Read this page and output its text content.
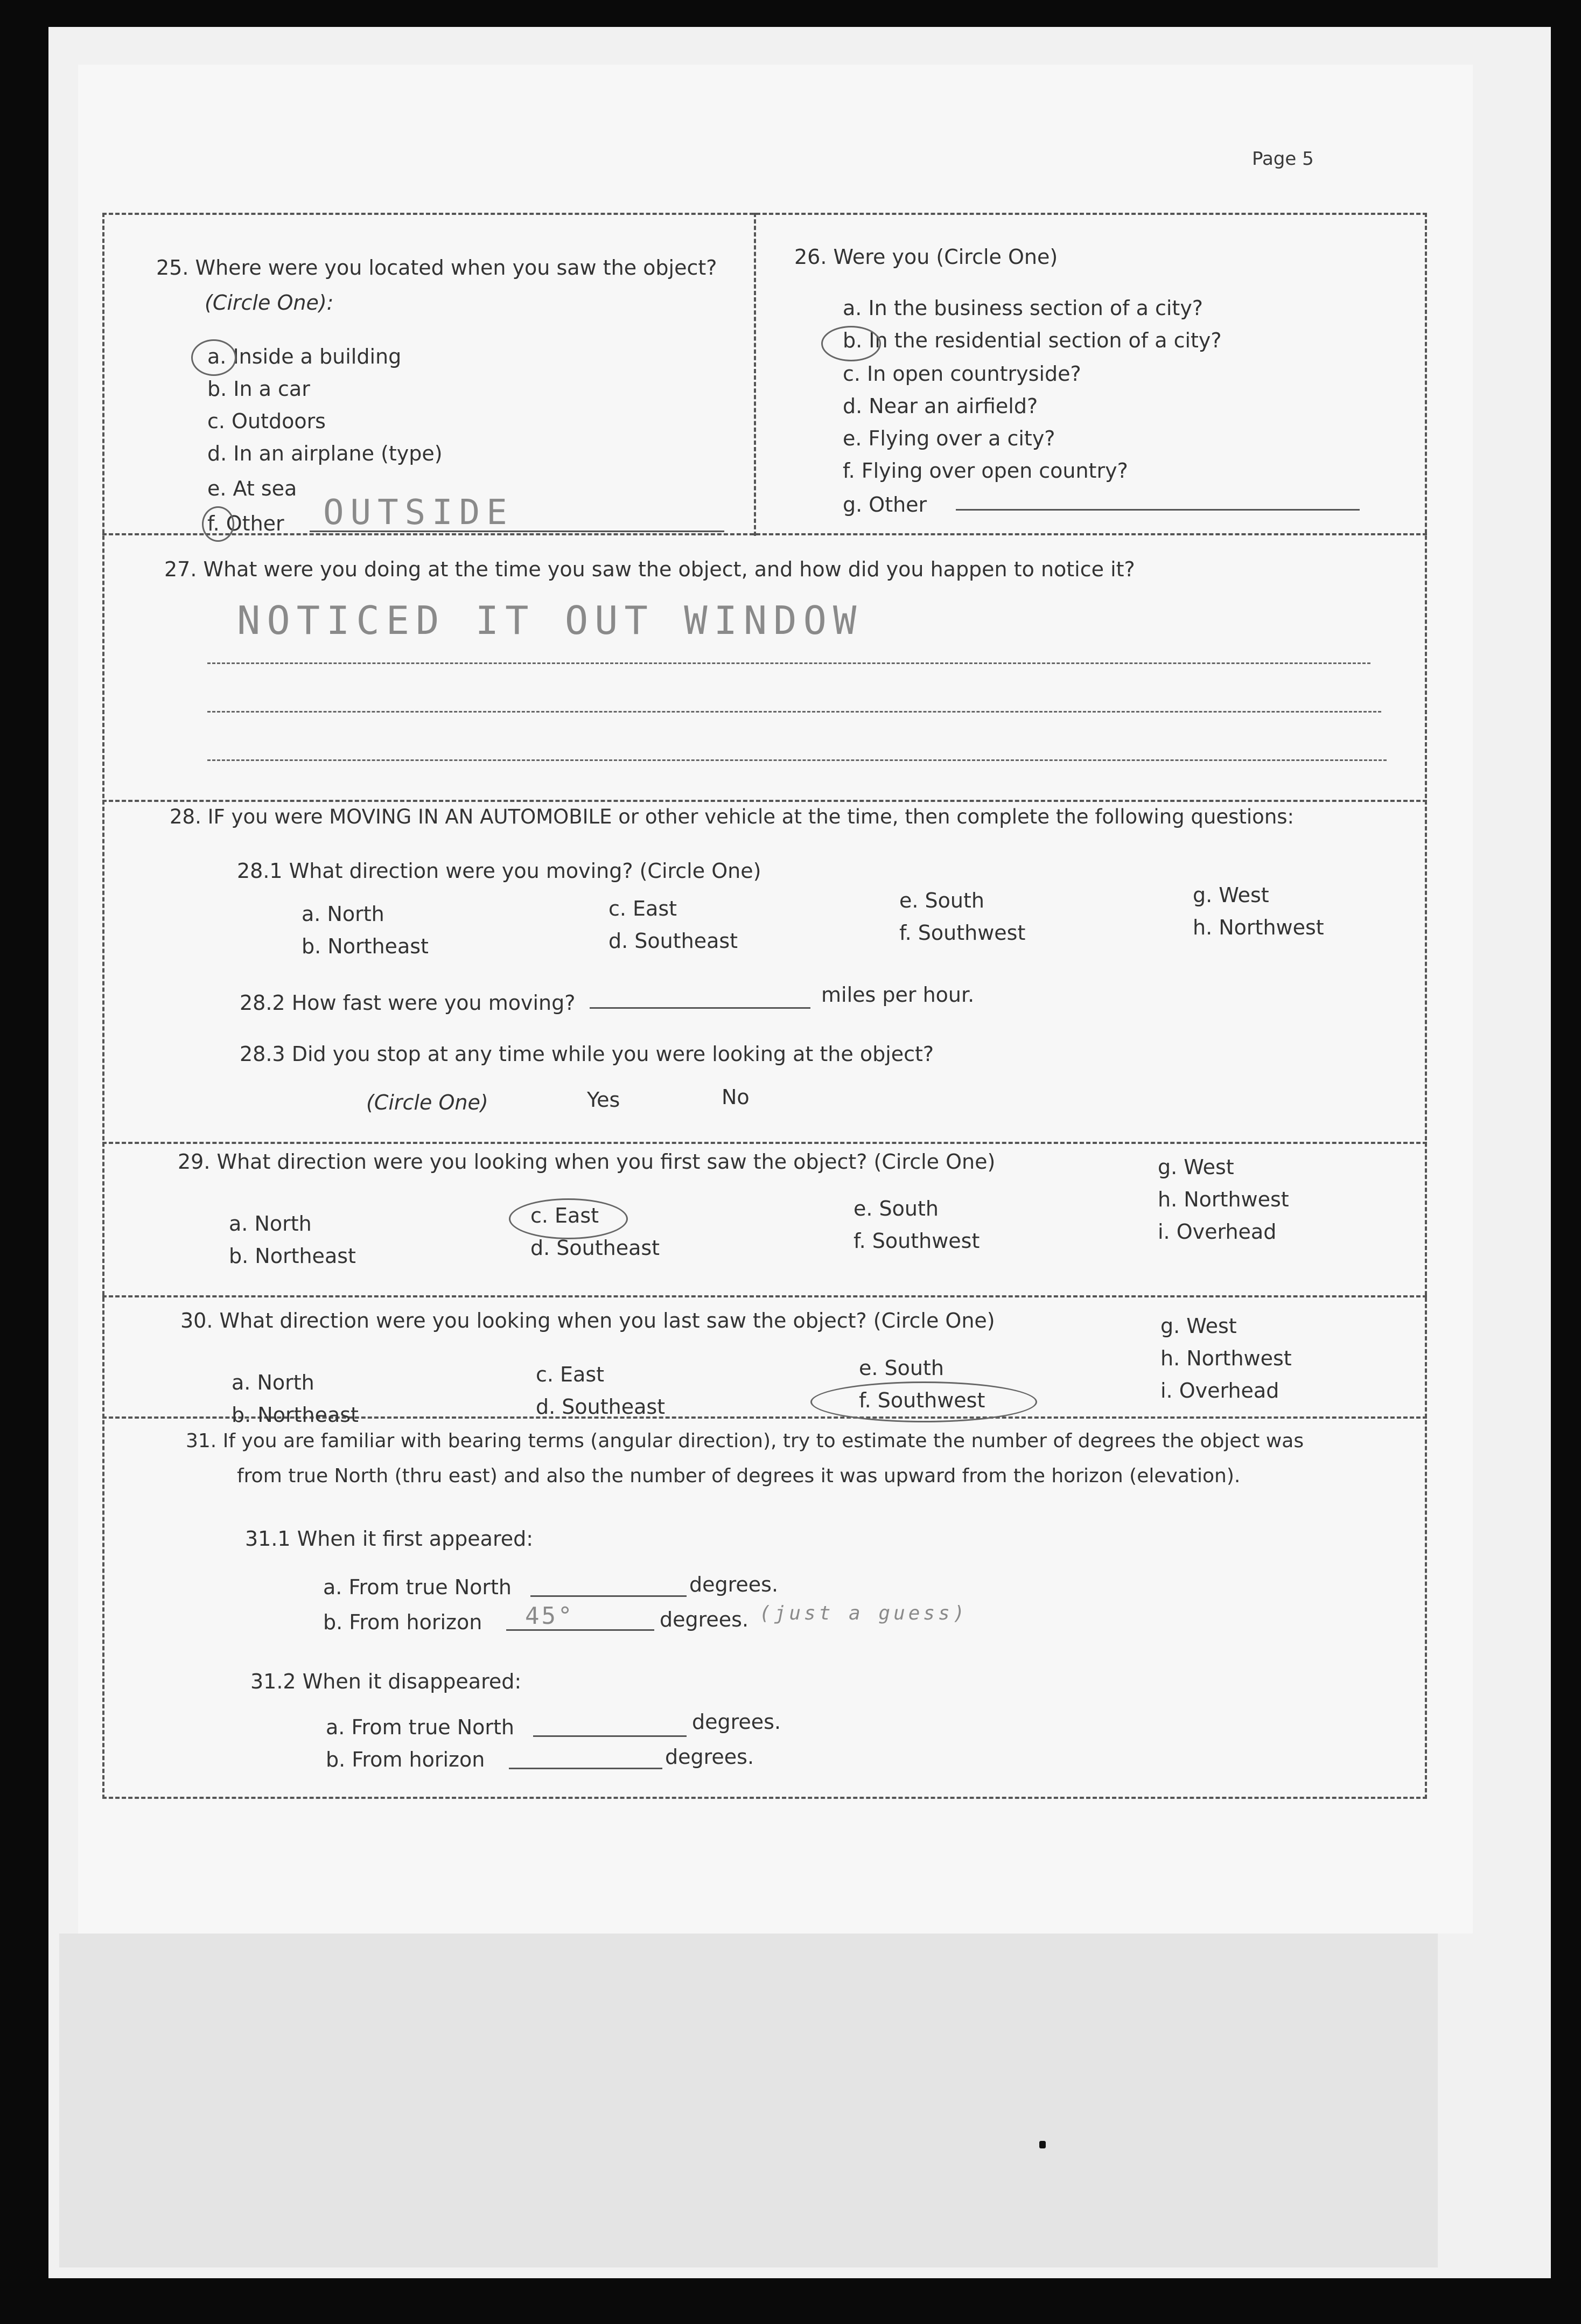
Page 5
25. Where were you located when you saw the object?
(Circle One):
a. Inside a building
b. In a car
c. Outdoors
d. In an airplane (type)
e. At sea
f. Other OUTSIDE
26. Were you (Circle One)
a. In the business section of a city?
b. In the residential section of a city?
c. In open countryside?
d. Near an airfield?
e. Flying over a city?
f. Flying over open country?
g. Other
27. What were you doing at the time you saw the object, and how did you happen to notice it?
NOTICED IT OUT WINDOW
28. IF you were MOVING IN AN AUTOMOBILE or other vehicle at the time, then complete the following questions:
28.1 What direction were you moving? (Circle One)
a. North
b. Northeast
c. East
d. Southeast
e. South
f. Southwest
g. West
h. Northwest
28.2 How fast were you moving?	miles per hour.
28.3 Did you stop at any time while you were looking at the object?
(Circle One)	Yes	No
29. What direction were you looking when you first saw the object? (Circle One)
a. North
b. Northeast
c. East
d. Southeast
e. South
f. Southwest
g. West
h. Northwest
i. Overhead
30. What direction were you looking when you last saw the object? (Circle One)
a. North
b. Northeast
c. East
d. Southeast
e. South
f. Southwest
g. West
h. Northwest
i. Overhead
31. If you are familiar with bearing terms (angular direction), try to estimate the number of degrees the object was
from true North (thru east) and also the number of degrees it was upward from the horizon (elevation).
31.1 When it first appeared:
a. From true North	degrees.
b. From horizon 45°	degrees. (just a guess)
31.2 When it disappeared:
a. From true North	degrees.
b. From horizon	degrees.
